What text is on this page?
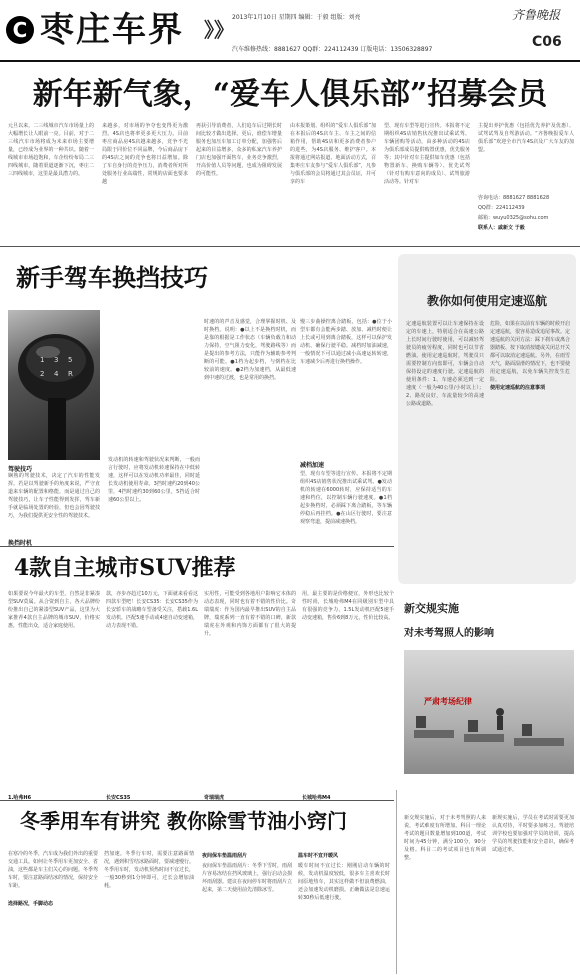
C 枣庄车界 》》
2013年1月10日 星期四 编辑：于毅 组版：刘亮
汽车维修热线：8881627 QQ群：224112439 订版电话：13506328897
齐鲁晚报
C06
新年新气象，“爱车人俱乐部”招募会员
元旦以来，二三线城市汽车市场量上的大幅增长让人眼前一亮。目前，对于二三线汽车市场将成为未来市场主要增量，已经成为业界的一种共识。随着一线城市市场趋饱和，车企纷纷布局二三四线城市，随着渠道逐渐下沉，枣庄二三四线城市，这里是最具潜力的。
来越多，对市场的争夺也变得更为激烈。4S店也将率更多更大压力。目前枣庄商品房4S店越来越多，竞争不光局限于同价位不同品牌，今后商品房下的4S店之间的竞争也将日益增加。除了车自身行的竞争压力，消费者所对所处服务行业高端性，常规的店面也要求越
再获引导消费者，人们追车后过期长时间比较才做出选择。更后，谁偿车增量服务也加压车加工订单分配，加强售后起来的目益增多，众多的私家汽车养护门店也加强开面售车，业务竞争激烈，开高价值人员等问题，也成为阻碍发展的可能性。
由本报策划、组织的“爱车人俱乐部”加在本报后的4S店车主、车主之间的信箱作用，帮助4S店和更多消费者参户的进些，为4S店服务、维护客户。本报将通过网站报道、地面活动方式，召集枣庄车友参与“爱车人俱乐部”，凡参与俱乐部的会员将通过其会员证，并可享的车
型、现有车型等进行宣传。本报将不定期组织4S店销售状况推出试乘试驾、车辆团购等活动，由多种活动的4S店为俱乐部成员提供购置优惠，优先服务等；其中针对车主提供如车优惠（包括物置新车、换购车辆等）、优先试驾（针对有购车意向的成员）、试驾旅游活动等。针对车
主提出养护优惠（包括优先养护及优惠）、试驾试驾及自驾游活动。“齐鲁晚报爱车人俱乐部”欢迎全市汽车4S店及广大车友的加盟。
咨询电话：8881627 8881628
QQ群：224112439
邮箱：wuyu0325@sohu.com
联系人：戚新文 于毅
新手驾车换挡技巧
1 3 5
2 4 R
驾驶技巧
娴熟的驾驶技术，决定了汽车的性能发挥。若是以驾驶新手的角度来说，严守直道来车辆的配置和格能，而是通过自己的驾驶技巧，让车子性能得到发挥，驾车新手就是临场处置的经验，但也会因驾驶技巧，为我们提供更安全性的驾驶技术。
换挡时机
发动机的转速和驾驶状况来判断，一般而言行驶时，应将发动机转速保持在中低转速，这样可以在发动机功率最佳，同时延长发动机使用寿命。3挡时速约20到40公里，4挡时速约30到60公里，5挡适合时速60公里以上。
时速的的声音及感觉，合理掌握时机、及时换档。说明：●以上不是换档时机，而是靠的根据是工作状态（车辆负载力和动力保持，空气阻力变化，驾驶路线等）而是提出的参考方法，只能作为辅助参考判断的可能。●1档为起步档，与倒档在比较前的速度。●2档为加速档，从最低速到中速的过渡，也是常用的换挡。
慢三步曲操控离合踏板，包括：●位于小型车都有会能两步踏、放加、减档时便让上长或可用到离合踏板，这样可以保护发动机、确保行驶平稳。减档时加油减速，一般情况下可以通过减小高速运转转速，车速减少后再进行换档操作。
减档加速
型，现有车型等进行宣传。本报将不定期组织4S店销售状况推出试乘试驾。●发动机的转速在6000转时，应保持适当的车速和档位，以控制车辆行驶速度。●1档起步换档时，必须踩下离合踏板，等车辆停稳后再挂档。●在山区行驶时，要注意观察弯道，提前减速换档。
教你如何使用定速巡航
定速巡航装置可以让车速保持在设定的车速上，特别适合在高速公路上长时间行驶时使用，可以减轻驾驶员的疲劳程度，同时也可以节省燃油。使用定速巡航时，驾驶员只需要控制方向盘即可，车辆会自动保持设定的速度行驶。定速巡航的使用条件：1、车速必须达到一定速度（一般为40公里/小时以上）；2、路况良好，车流量较少的高速公路或道路。
使用定速巡航的注意事项
危险，如果在以前有车辆的时候开启定速巡航，很容易造成追尾事故。定速巡航的关闭方法：踩下刹车或离合器踏板、按下取消按键或关闭总开关都可以取消定速巡航。另外，在雨雪天气，路面湿滑的情况下，也不要使用定速巡航，以免车辆失控发生危险。
4款自主城市SUV推荐
如果要说今年最火的车型，自然是非紧凑型SUV莫属。从合资到自主，各大品牌纷纷推出自己的紧凑型SUV产品，这里为大家推荐4款自主品牌的城市SUV，价格实惠，性能出众，适合家庭使用。
1.哈弗H6
款，亦步亦趋过10万元，下面就来看看这四款车型吧！长安CS35：长安CS35作为长安轿车的战略车型备受关注，搭载1.6L发动机，匹配5速手动或4速自动变速箱，动力表现不错。
长安CS35
实用性，可能受到各地用户影响它本体的动态表现，同时也有着不错的性价比。奇瑞瑞虎：作为国内最早推出SUV的自主品牌，瑞虎系列一直有着不错的口碑，新款瑞虎在外观和内饰方面都有了很大的提升。
奇瑞瑞虎
用，最主要的是价格便宜，外形也比较个性时尚，长城哈弗M4在同级别车型中具有很强的竞争力，1.5L发动机匹配5速手动变速箱，售价6到8万元，性价比较高。
长城哈弗M4
新交规实施
对未考驾照人的影响
严肃考场纪律
新交规实施后，对于未考驾照的人来说，考试难度有所增加。科目一理论考试的题目数量增加到100道，考试时间为45分钟，满分100分，90分及格。科目二的考试项目也有所调整。
新规实施后，学员在考试时需要更加认真对待，平时要多加练习。驾驶培训学校也要加强对学员的培训，提高学员的驾驶技能和安全意识，确保考试通过率。
冬季用车有讲究 教你除雪节油小窍门
在寒冷的冬季，汽车成为我们外出的重要交通工具。如何让冬季用车更加安全、省油，这些都是车主们关心的问题。冬季驾车时，要注意路面结冰的情况，保持安全车距。
选择路况，手脚动态
挡加速。冬季行车时，需要注意路面情况，遇到积雪结冰路面时，要减速慢行。冬季用车时，发动机预热时间不宜过长，一般30秒到1分钟即可，过长会增加油耗。
夜间保车垫温雨刮片
夜间保车垫温雨刮片：冬季下雪时，雨刮片容易冻结在挡风玻璃上，强行启动会损坏雨刮器。建议在夜间停车时将雨刮片立起来，第二天使用前先清除冰雪。
温车时不宜开暖风
暖车时间不宜过长：刚刚启动车辆的时候，发动机温度较低，很多车主喜欢长时间原地热车，其实这样做不但浪费燃油，还会加速发动机磨损。正确做法是怠速运转30秒后低速行驶。
